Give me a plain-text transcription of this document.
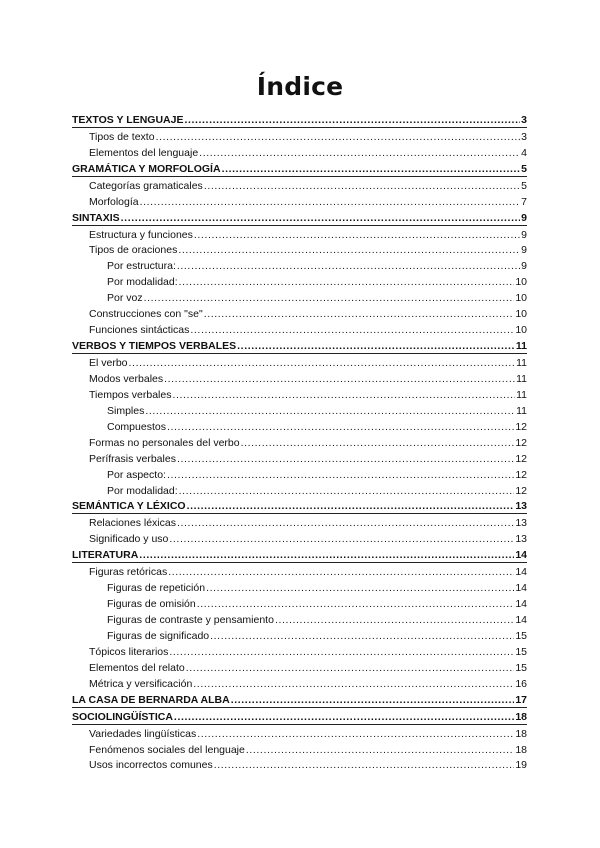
Índice
TEXTOS Y LENGUAJE .....	3
Tipos de texto .....	3
Elementos del lenguaje .....	4
GRAMÁTICA Y MORFOLOGÍA .....	5
Categorías gramaticales .....	5
Morfología .....	7
SINTAXIS .....	9
Estructura y funciones .....	9
Tipos de oraciones .....	9
Por estructura: .....	9
Por modalidad: .....	10
Por voz .....	10
Construcciones con "se" .....	10
Funciones sintácticas .....	10
VERBOS Y TIEMPOS VERBALES .....	11
El verbo .....	11
Modos verbales .....	11
Tiempos verbales .....	11
Simples .....	11
Compuestos .....	12
Formas no personales del verbo .....	12
Perífrasis verbales .....	12
Por aspecto: .....	12
Por modalidad: .....	12
SEMÁNTICA Y LÉXICO .....	13
Relaciones léxicas .....	13
Significado y uso .....	13
LITERATURA .....	14
Figuras retóricas .....	14
Figuras de repetición .....	14
Figuras de omisión .....	14
Figuras de contraste y pensamiento .....	14
Figuras de significado .....	15
Tópicos literarios .....	15
Elementos del relato .....	15
Métrica y versificación .....	16
LA CASA DE BERNARDA ALBA .....	17
SOCIOLINGÜÍSTICA .....	18
Variedades lingüísticas .....	18
Fenómenos sociales del lenguaje .....	18
Usos incorrectos comunes .....	19
